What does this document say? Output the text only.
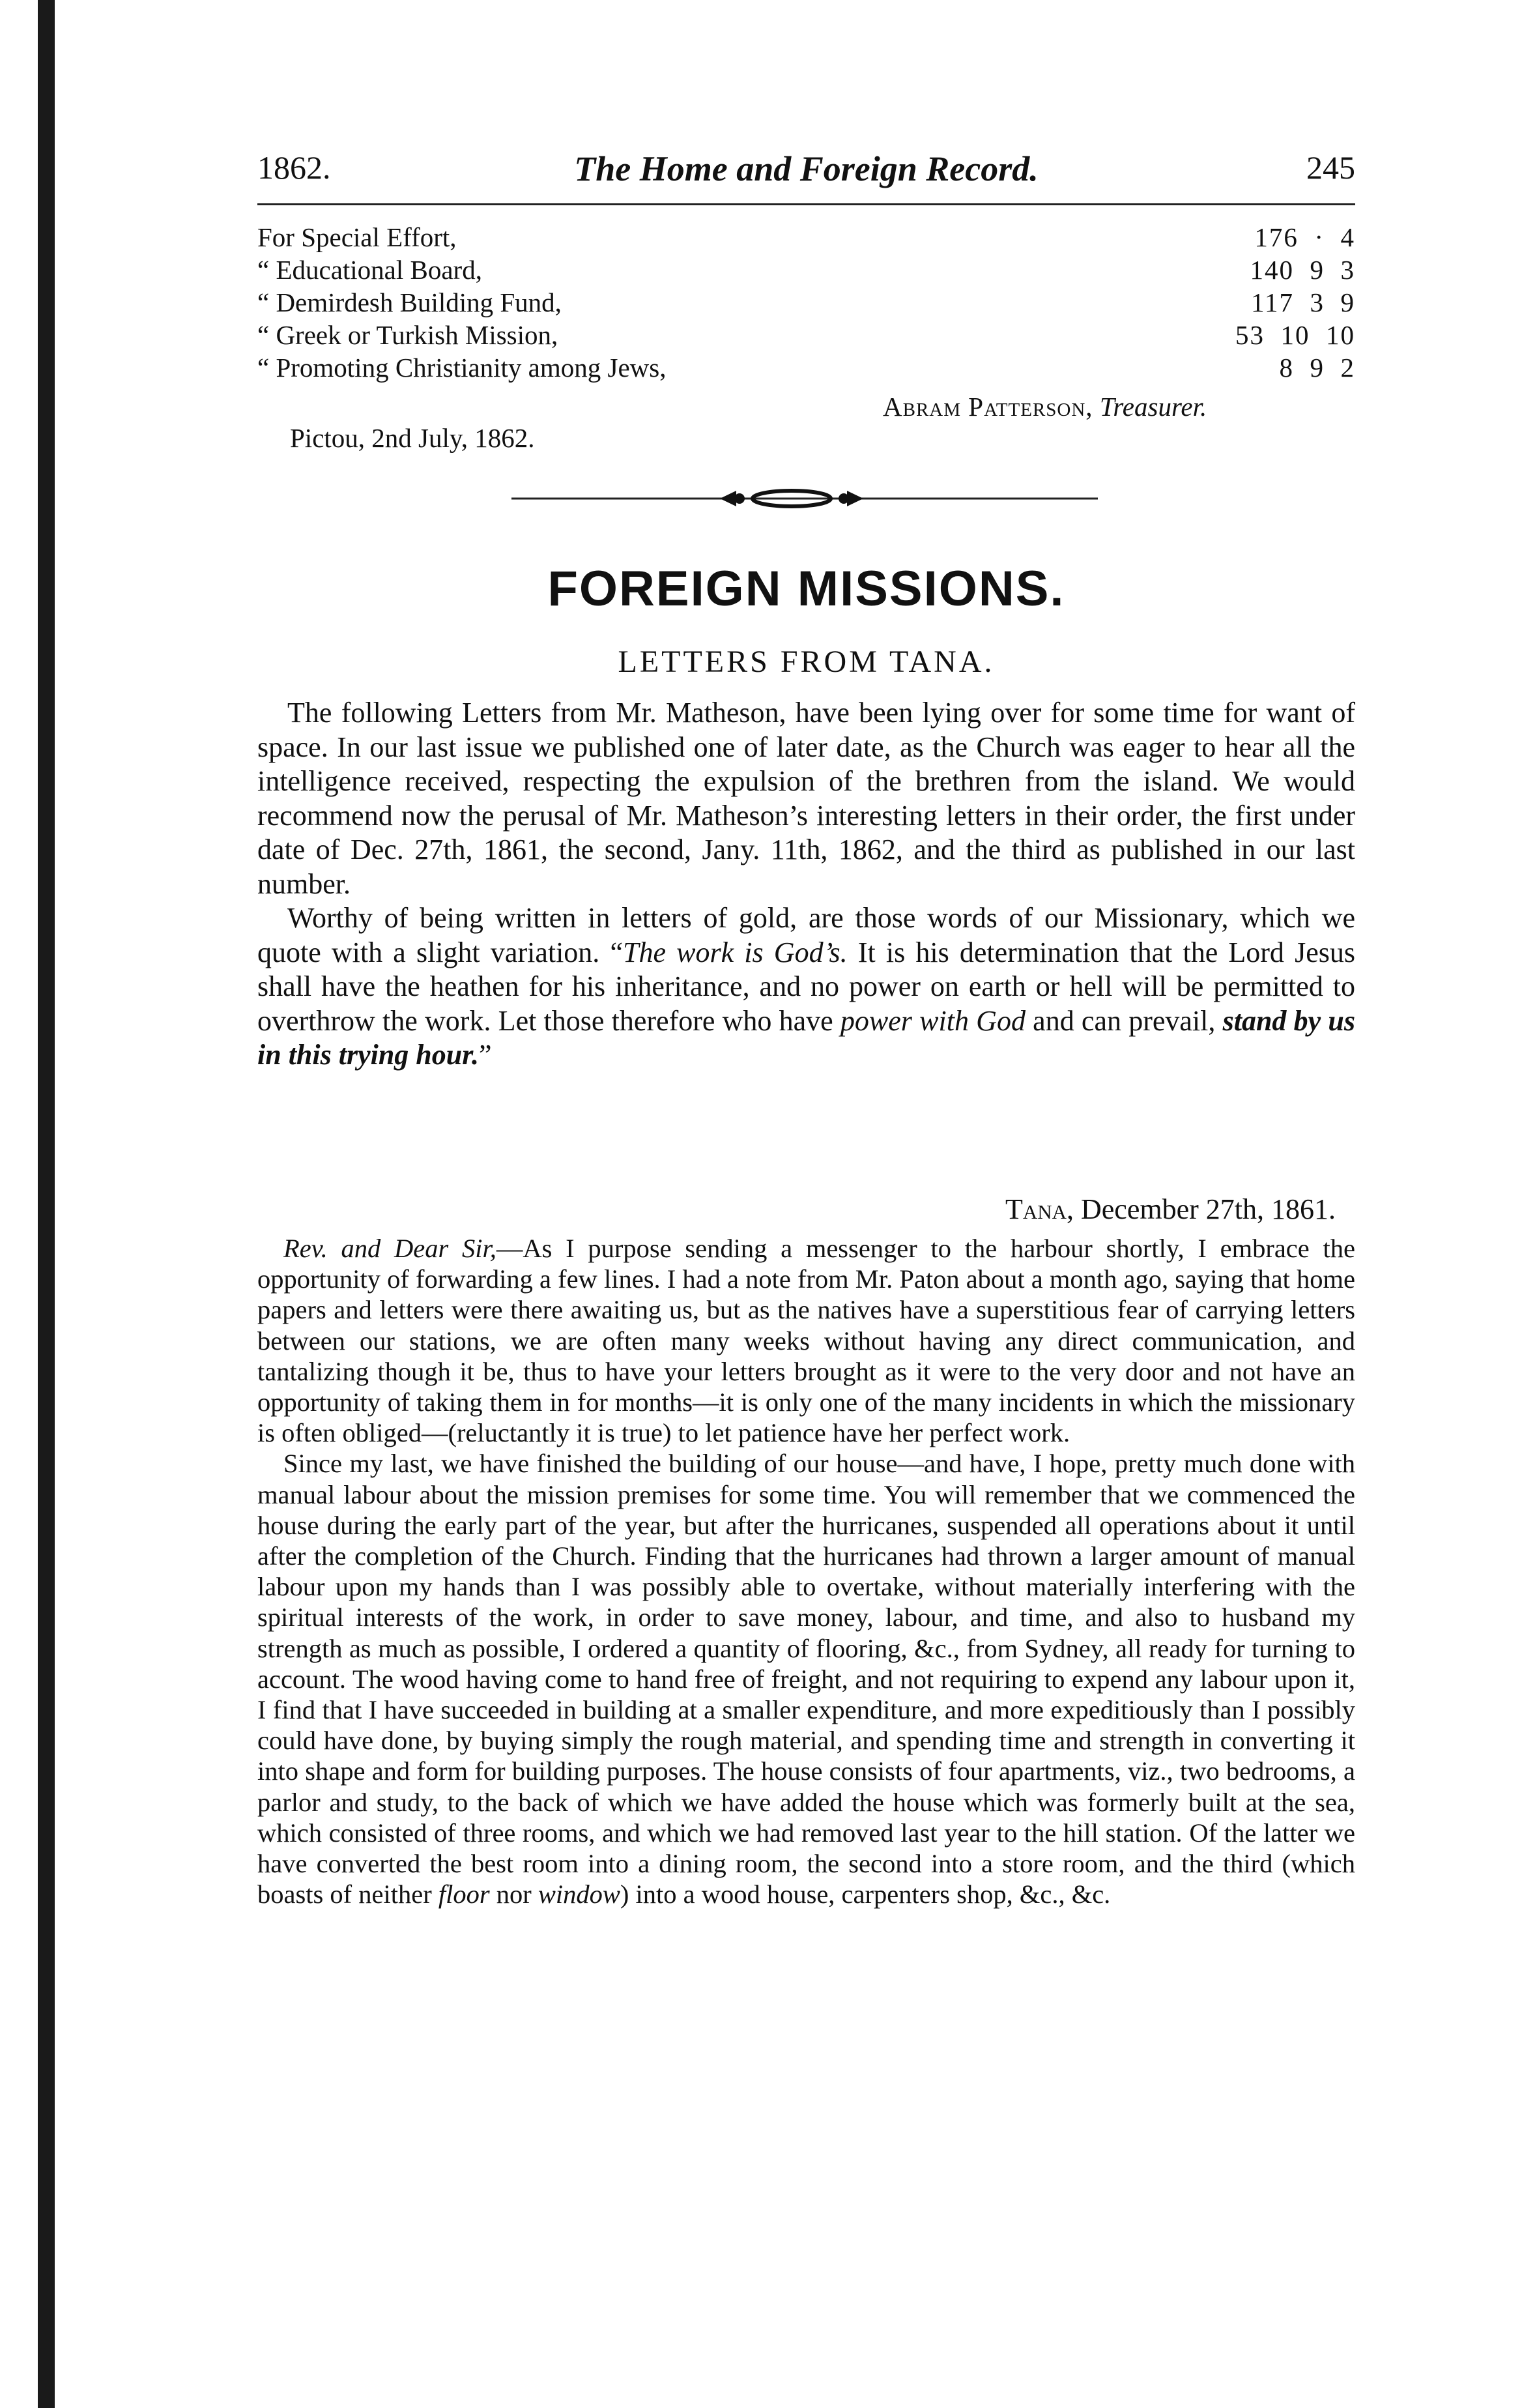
1862.	The Home and Foreign Record.	245
For Special Effort,	176  ·  4
“ Educational Board,	140  9  3
“ Demirdesh Building Fund,	117  3  9
“ Greek or Turkish Mission,	53  10  10
“ Promoting Christianity among Jews,	8  9  2
Abram Patterson, Treasurer.
Pictou, 2nd July, 1862.
FOREIGN MISSIONS.
LETTERS FROM TANA.

The following Letters from Mr. Matheson, have been lying over for some time for want of space. In our last issue we published one of later date, as the Church was eager to hear all the intelligence received, respecting the expulsion of the brethren from the island. We would recommend now the perusal of Mr. Matheson’s interesting letters in their order, the first under date of Dec. 27th, 1861, the second, Jany. 11th, 1862, and the third as published in our last number.

Worthy of being written in letters of gold, are those words of our Missionary, which we quote with a slight variation. “The work is God’s. It is his determination that the Lord Jesus shall have the heathen for his inheritance, and no power on earth or hell will be permitted to overthrow the work. Let those therefore who have power with God and can prevail, stand by us in this trying hour.”

Tana, December 27th, 1861.

Rev. and Dear Sir,—As I purpose sending a messenger to the harbour shortly, I embrace the opportunity of forwarding a few lines. I had a note from Mr. Paton about a month ago, saying that home papers and letters were there awaiting us, but as the natives have a superstitious fear of carrying letters between our stations, we are often many weeks without having any direct communication, and tantalizing though it be, thus to have your letters brought as it were to the very door and not have an opportunity of taking them in for months—it is only one of the many incidents in which the missionary is often obliged—(reluctantly it is true) to let patience have her perfect work.

Since my last, we have finished the building of our house—and have, I hope, pretty much done with manual labour about the mission premises for some time. You will remember that we commenced the house during the early part of the year, but after the hurricanes, suspended all operations about it until after the completion of the Church. Finding that the hurricanes had thrown a larger amount of manual labour upon my hands than I was possibly able to overtake, without materially interfering with the spiritual interests of the work, in order to save money, labour, and time, and also to husband my strength as much as possible, I ordered a quantity of flooring, &c., from Sydney, all ready for turning to account. The wood having come to hand free of freight, and not requiring to expend any labour upon it, I find that I have succeeded in building at a smaller expenditure, and more expeditiously than I possibly could have done, by buying simply the rough material, and spending time and strength in converting it into shape and form for building purposes. The house consists of four apartments, viz., two bedrooms, a parlor and study, to the back of which we have added the house which was formerly built at the sea, which consisted of three rooms, and which we had removed last year to the hill station. Of the latter we have converted the best room into a dining room, the second into a store room, and the third (which boasts of neither floor nor window) into a wood house, carpenters shop, &c., &c.
